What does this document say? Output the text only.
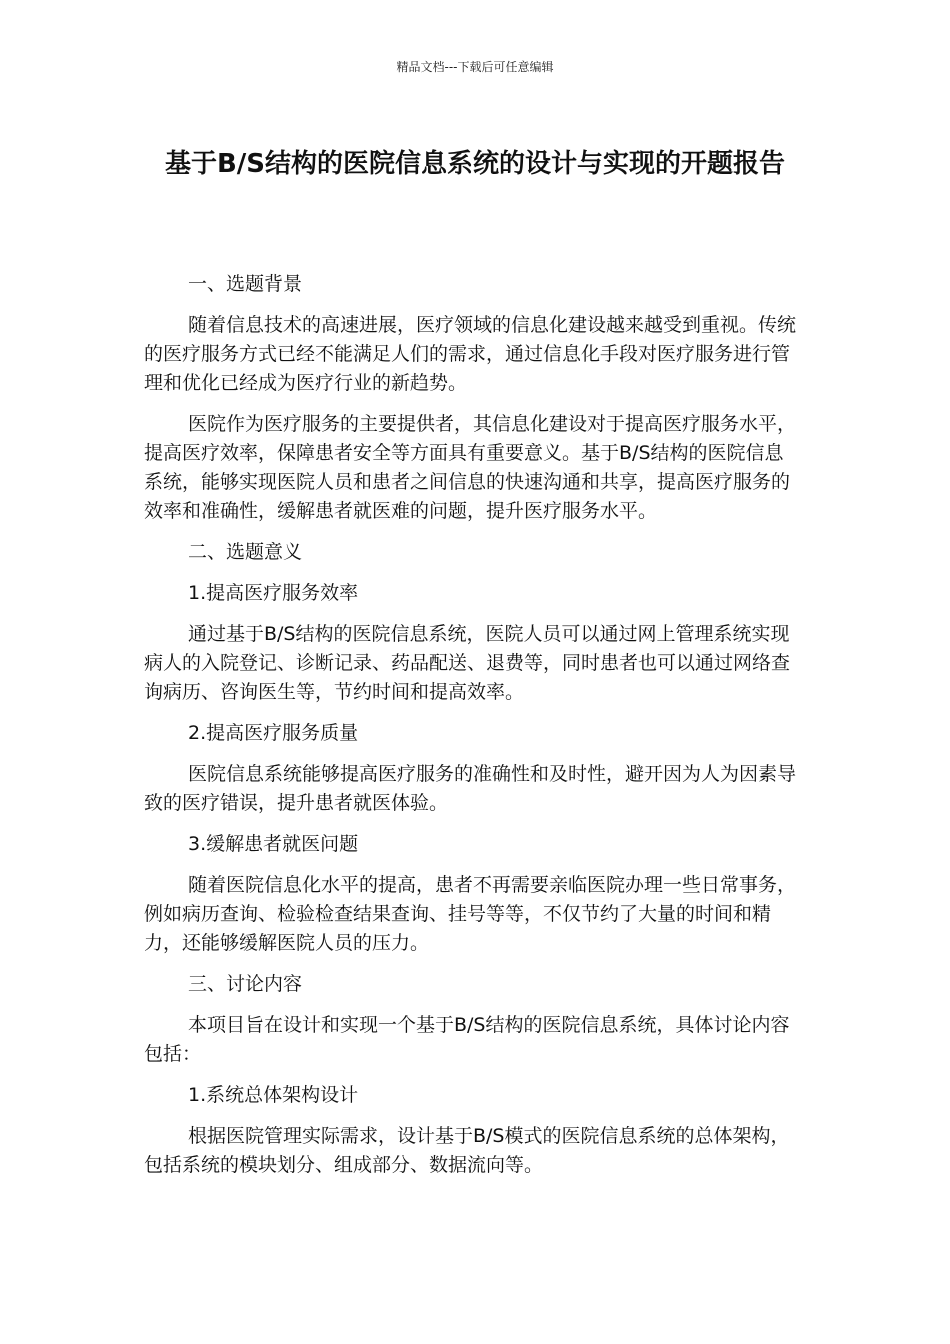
精品文档---下载后可任意编辑
基于B/S结构的医院信息系统的设计与实现的开题报告

一、选题背景

随着信息技术的高速进展，医疗领域的信息化建设越来越受到重视。传统的医疗服务方式已经不能满足人们的需求，通过信息化手段对医疗服务进行管理和优化已经成为医疗行业的新趋势。

医院作为医疗服务的主要提供者，其信息化建设对于提高医疗服务水平，提高医疗效率，保障患者安全等方面具有重要意义。基于B/S结构的医院信息系统，能够实现医院人员和患者之间信息的快速沟通和共享，提高医疗服务的效率和准确性，缓解患者就医难的问题，提升医疗服务水平。

二、选题意义

1.提高医疗服务效率

通过基于B/S结构的医院信息系统，医院人员可以通过网上管理系统实现病人的入院登记、诊断记录、药品配送、退费等，同时患者也可以通过网络查询病历、咨询医生等，节约时间和提高效率。

2.提高医疗服务质量

医院信息系统能够提高医疗服务的准确性和及时性，避开因为人为因素导致的医疗错误，提升患者就医体验。

3.缓解患者就医问题

随着医院信息化水平的提高，患者不再需要亲临医院办理一些日常事务，例如病历查询、检验检查结果查询、挂号等等，不仅节约了大量的时间和精力，还能够缓解医院人员的压力。

三、讨论内容

本项目旨在设计和实现一个基于B/S结构的医院信息系统，具体讨论内容包括：

1.系统总体架构设计

根据医院管理实际需求，设计基于B/S模式的医院信息系统的总体架构，包括系统的模块划分、组成部分、数据流向等。
